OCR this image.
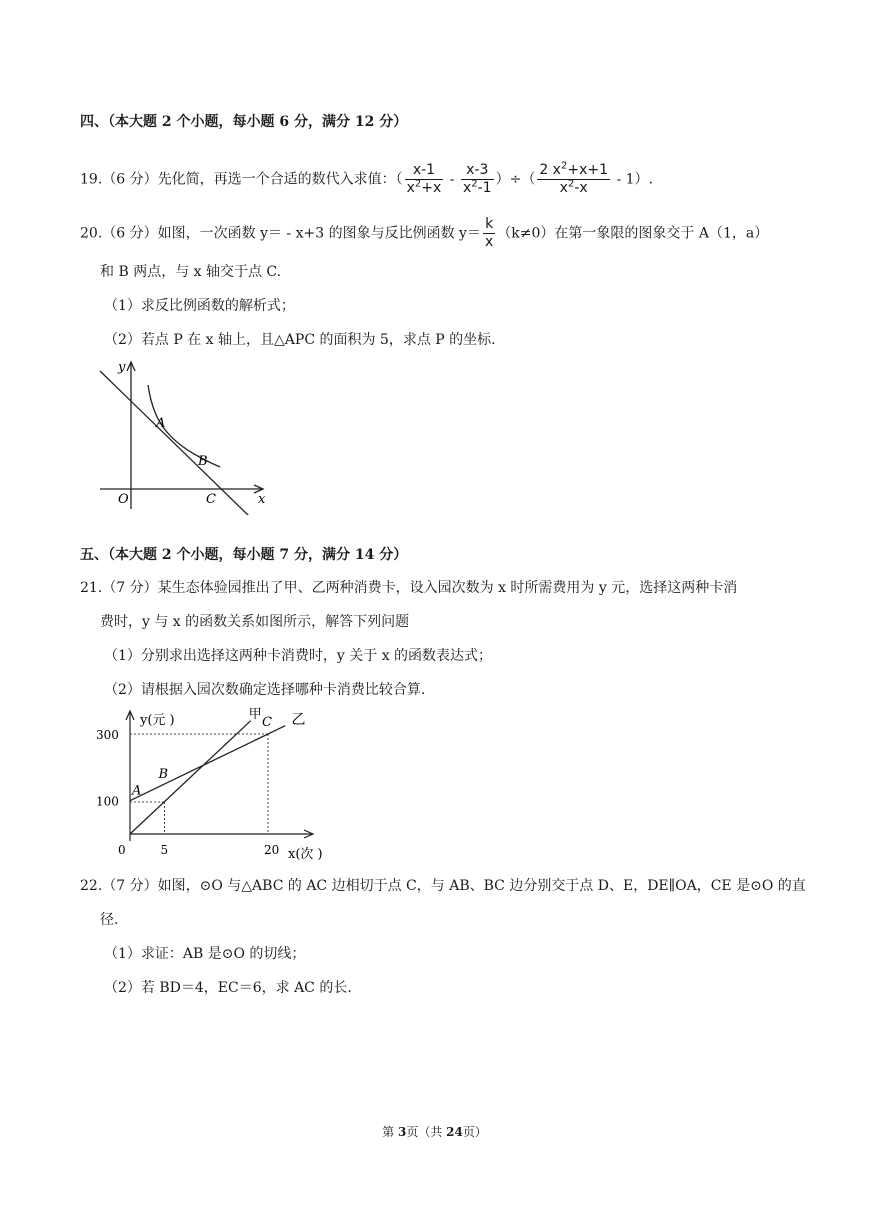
四、（本大题 2 个小题，每小题 6 分，满分 12 分）
19.（6 分）先化简，再选一个合适的数代入求值：（ $\frac{x-1}{x^2+x} - \frac{x-3}{x^2-1}$ ）÷（ $\frac{2 x^2+x+1}{x^2-x} - 1$）.
20.（6 分）如图，一次函数 y＝ - x+3 的图象与反比例函数 $y= \frac{k}{x} (k\ne 0)$在第一象限的图象交于 A（1，a）
和 B 两点，与 x 轴交于点 C.
（1）求反比例函数的解析式；
（2）若点 P 在 x 轴上，且△APC 的面积为 5，求点 P 的坐标.
B
A
C
O
y
x
五、（本大题 2 个小题，每小题 7 分，满分 14 分）
21.（7 分）某生态体验园推出了甲、乙两种消费卡，设入园次数为 x 时所需费用为 y 元，选择这两种卡消
费时，y 与 x 的函数关系如图所示，解答下列问题
（1）分别求出选择这两种卡消费时，y 关于 x 的函数表达式；
（2）请根据入园次数确定选择哪种卡消费比较合算.
甲 乙
A
B
C
5	20
100
300
y(元 )
x(次 )
0
22.（7 分）如图，⊙O 与△ABC 的 AC 边相切于点 C，与 AB、BC 边分别交于点 D、E，DE∥OA，CE 是⊙O 的直
径.
（1）求证：AB 是⊙O 的切线；
（2）若 BD＝4，EC＝6，求 AC 的长.
第 3页（共 24页）
